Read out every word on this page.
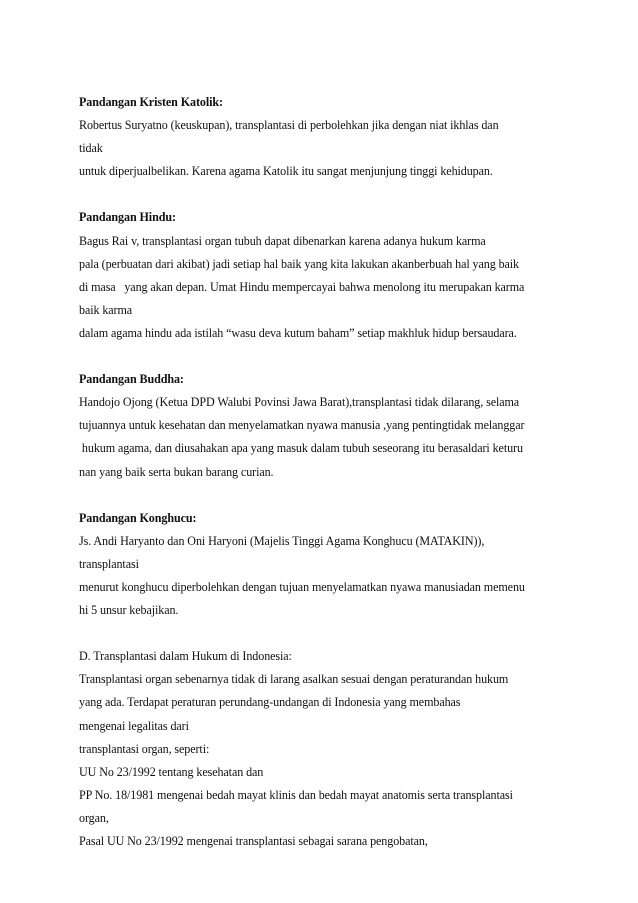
Pandangan Kristen Katolik:
Robertus Suryatno (keuskupan), transplantasi di perbolehkan jika dengan niat ikhlas dan
tidak
untuk diperjualbelikan. Karena agama Katolik itu sangat menjunjung tinggi kehidupan.
Pandangan Hindu:
Bagus Rai v, transplantasi organ tubuh dapat dibenarkan karena adanya hukum karma
pala (perbuatan dari akibat) jadi setiap hal baik yang kita lakukan akanberbuah hal yang baik
di masa   yang akan depan. Umat Hindu mempercayai bahwa menolong itu merupakan karma
baik karma
dalam agama hindu ada istilah “wasu deva kutum baham” setiap makhluk hidup bersaudara.
Pandangan Buddha:
Handojo Ojong (Ketua DPD Walubi Povinsi Jawa Barat),transplantasi tidak dilarang, selama
tujuannya untuk kesehatan dan menyelamatkan nyawa manusia ,yang pentingtidak melanggar
hukum agama, dan diusahakan apa yang masuk dalam tubuh seseorang itu berasaldari keturu
nan yang baik serta bukan barang curian.
Pandangan Konghucu:
Js. Andi Haryanto dan Oni Haryoni (Majelis Tinggi Agama Konghucu (MATAKIN)),
transplantasi
menurut konghucu diperbolehkan dengan tujuan menyelamatkan nyawa manusiadan memenu
hi 5 unsur kebajikan.
D. Transplantasi dalam Hukum di Indonesia:
Transplantasi organ sebenarnya tidak di larang asalkan sesuai dengan peraturandan hukum
yang ada. Terdapat peraturan perundang-undangan di Indonesia yang membahas
mengenai legalitas dari
transplantasi organ, seperti:
UU No 23/1992 tentang kesehatan dan
PP No. 18/1981 mengenai bedah mayat klinis dan bedah mayat anatomis serta transplantasi
organ,
Pasal UU No 23/1992 mengenai transplantasi sebagai sarana pengobatan,
